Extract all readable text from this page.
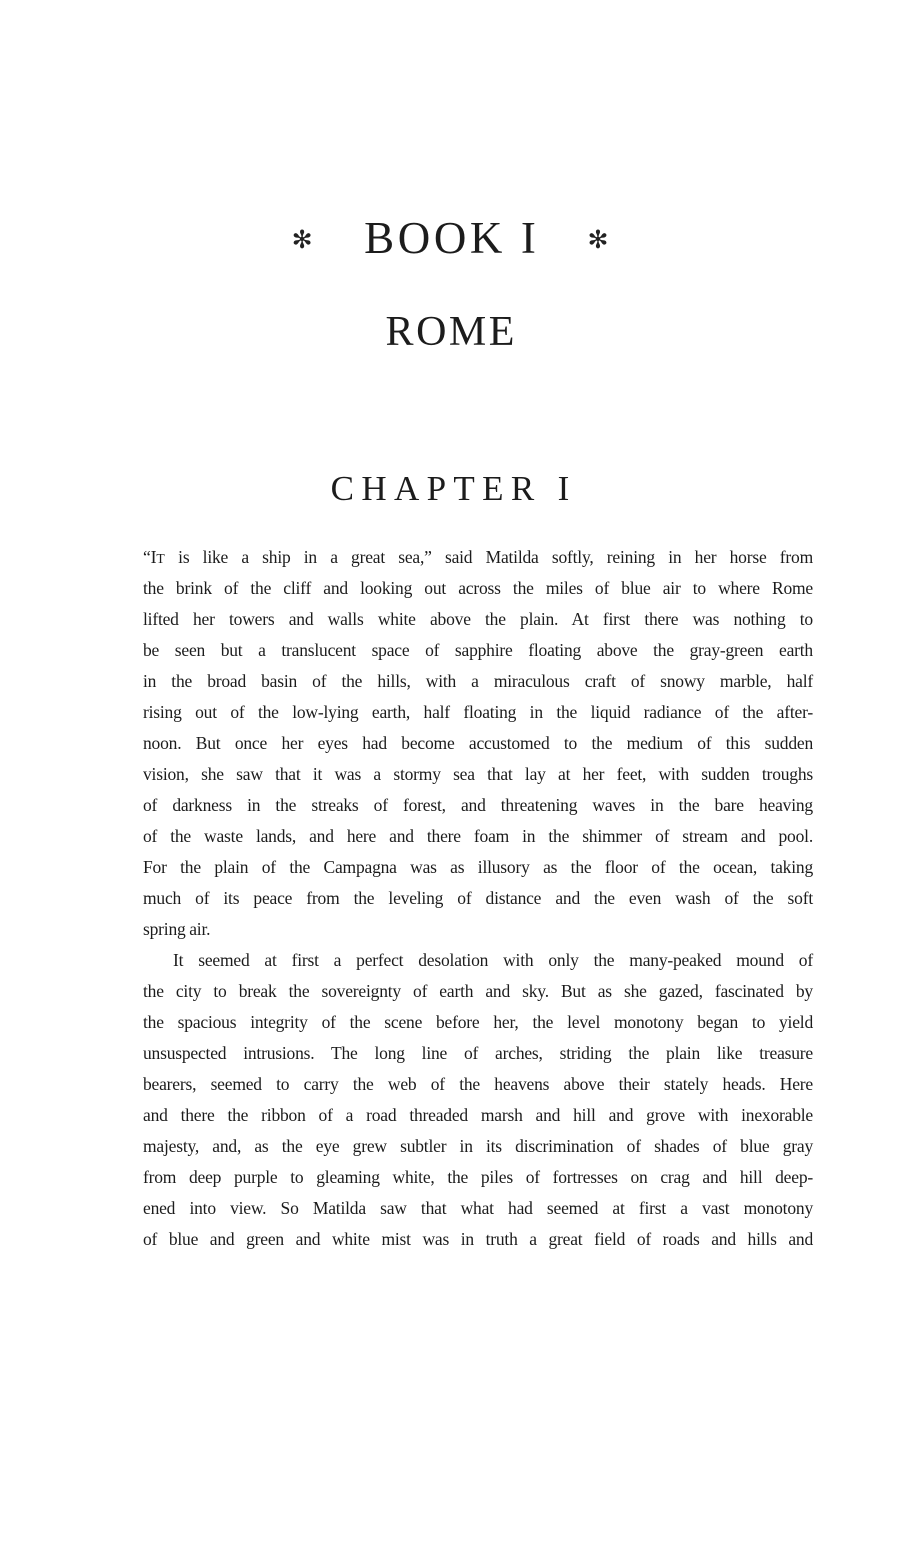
✻ BOOK I ✻
ROME
CHAPTER I
“IT is like a ship in a great sea,” said Matilda softly, reining in her horse from
the brink of the cliff and looking out across the miles of blue air to where Rome
lifted her towers and walls white above the plain. At first there was nothing to
be seen but a translucent space of sapphire floating above the gray-green earth
in the broad basin of the hills, with a miraculous craft of snowy marble, half
rising out of the low-lying earth, half floating in the liquid radiance of the after-
noon. But once her eyes had become accustomed to the medium of this sudden
vision, she saw that it was a stormy sea that lay at her feet, with sudden troughs
of darkness in the streaks of forest, and threatening waves in the bare heaving
of the waste lands, and here and there foam in the shimmer of stream and pool.
For the plain of the Campagna was as illusory as the floor of the ocean, taking
much of its peace from the leveling of distance and the even wash of the soft
spring air.
It seemed at first a perfect desolation with only the many-peaked mound of
the city to break the sovereignty of earth and sky. But as she gazed, fascinated by
the spacious integrity of the scene before her, the level monotony began to yield
unsuspected intrusions. The long line of arches, striding the plain like treasure
bearers, seemed to carry the web of the heavens above their stately heads. Here
and there the ribbon of a road threaded marsh and hill and grove with inexorable
majesty, and, as the eye grew subtler in its discrimination of shades of blue gray
from deep purple to gleaming white, the piles of fortresses on crag and hill deep-
ened into view. So Matilda saw that what had seemed at first a vast monotony
of blue and green and white mist was in truth a great field of roads and hills and
